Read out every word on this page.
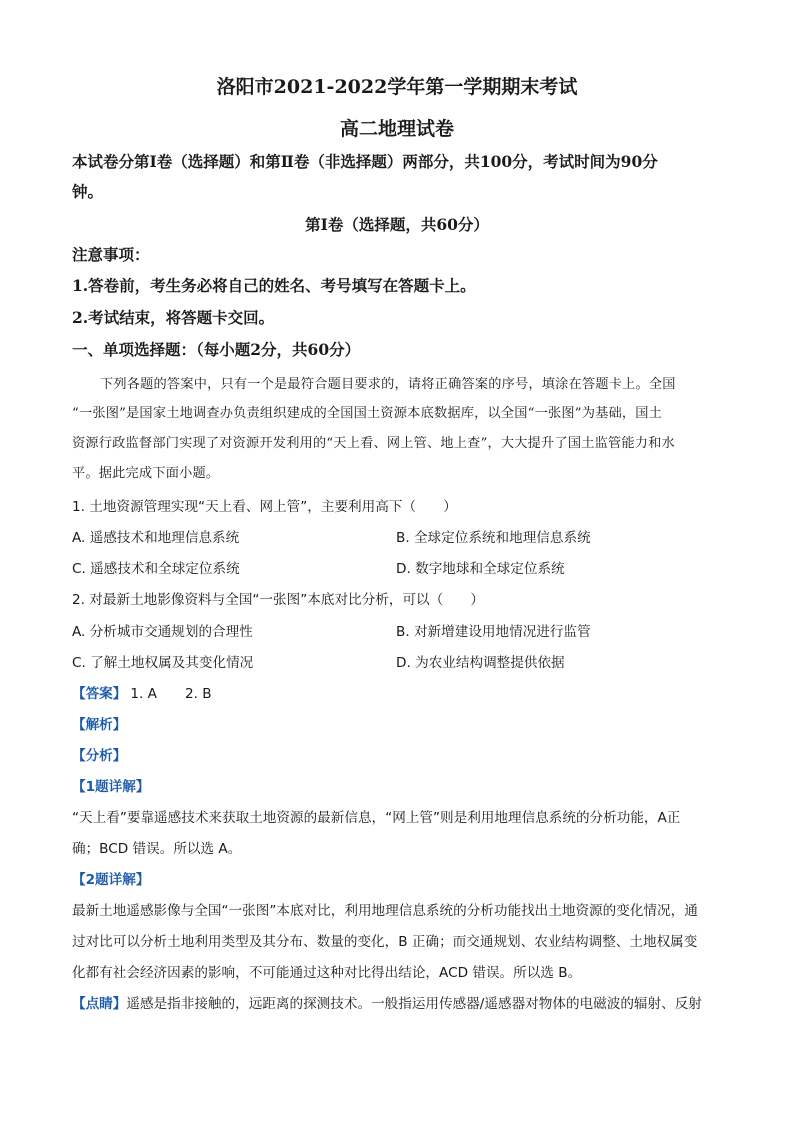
洛阳市2021-2022学年第一学期期末考试
高二地理试卷
本试卷分第Ⅰ卷（选择题）和第Ⅱ卷（非选择题）两部分，共100分，考试时间为90分
钟。
第Ⅰ卷（选择题，共60分）
注意事项：
1.答卷前，考生务必将自己的姓名、考号填写在答题卡上。
2.考试结束，将答题卡交回。
一、单项选择题：（每小题2分，共60分）
下列各题的答案中，只有一个是最符合题目要求的，请将正确答案的序号，填涂在答题卡上。全国
“一张图”是国家土地调查办负责组织建成的全国国土资源本底数据库，以全国“一张图”为基础，国土
资源行政监督部门实现了对资源开发利用的“天上看、网上管、地上查”，大大提升了国土监管能力和水
平。据此完成下面小题。
1. 土地资源管理实现“天上看、网上管”，主要利用高下（　　）
A. 遥感技术和地理信息系统	B. 全球定位系统和地理信息系统
C. 遥感技术和全球定位系统	D. 数字地球和全球定位系统
2. 对最新土地影像资料与全国“一张图”本底对比分析，可以（　　）
A. 分析城市交通规划的合理性	B. 对新增建设用地情况进行监管
C. 了解土地权属及其变化情况	D. 为农业结构调整提供依据
【答案】 1. A 2. B
【解析】
【分析】
【1题详解】
“天上看”要靠遥感技术来获取土地资源的最新信息，“网上管”则是利用地理信息系统的分析功能，A正
确；BCD 错误。所以选 A。
【2题详解】
最新土地遥感影像与全国“一张图”本底对比，利用地理信息系统的分析功能找出土地资源的变化情况，通
过对比可以分析土地利用类型及其分布、数量的变化，B 正确；而交通规划、农业结构调整、土地权属变
化都有社会经济因素的影响，不可能通过这种对比得出结论，ACD 错误。所以选 B。
【点睛】遥感是指非接触的，远距离的探测技术。一般指运用传感器/遥感器对物体的电磁波的辐射、反射
